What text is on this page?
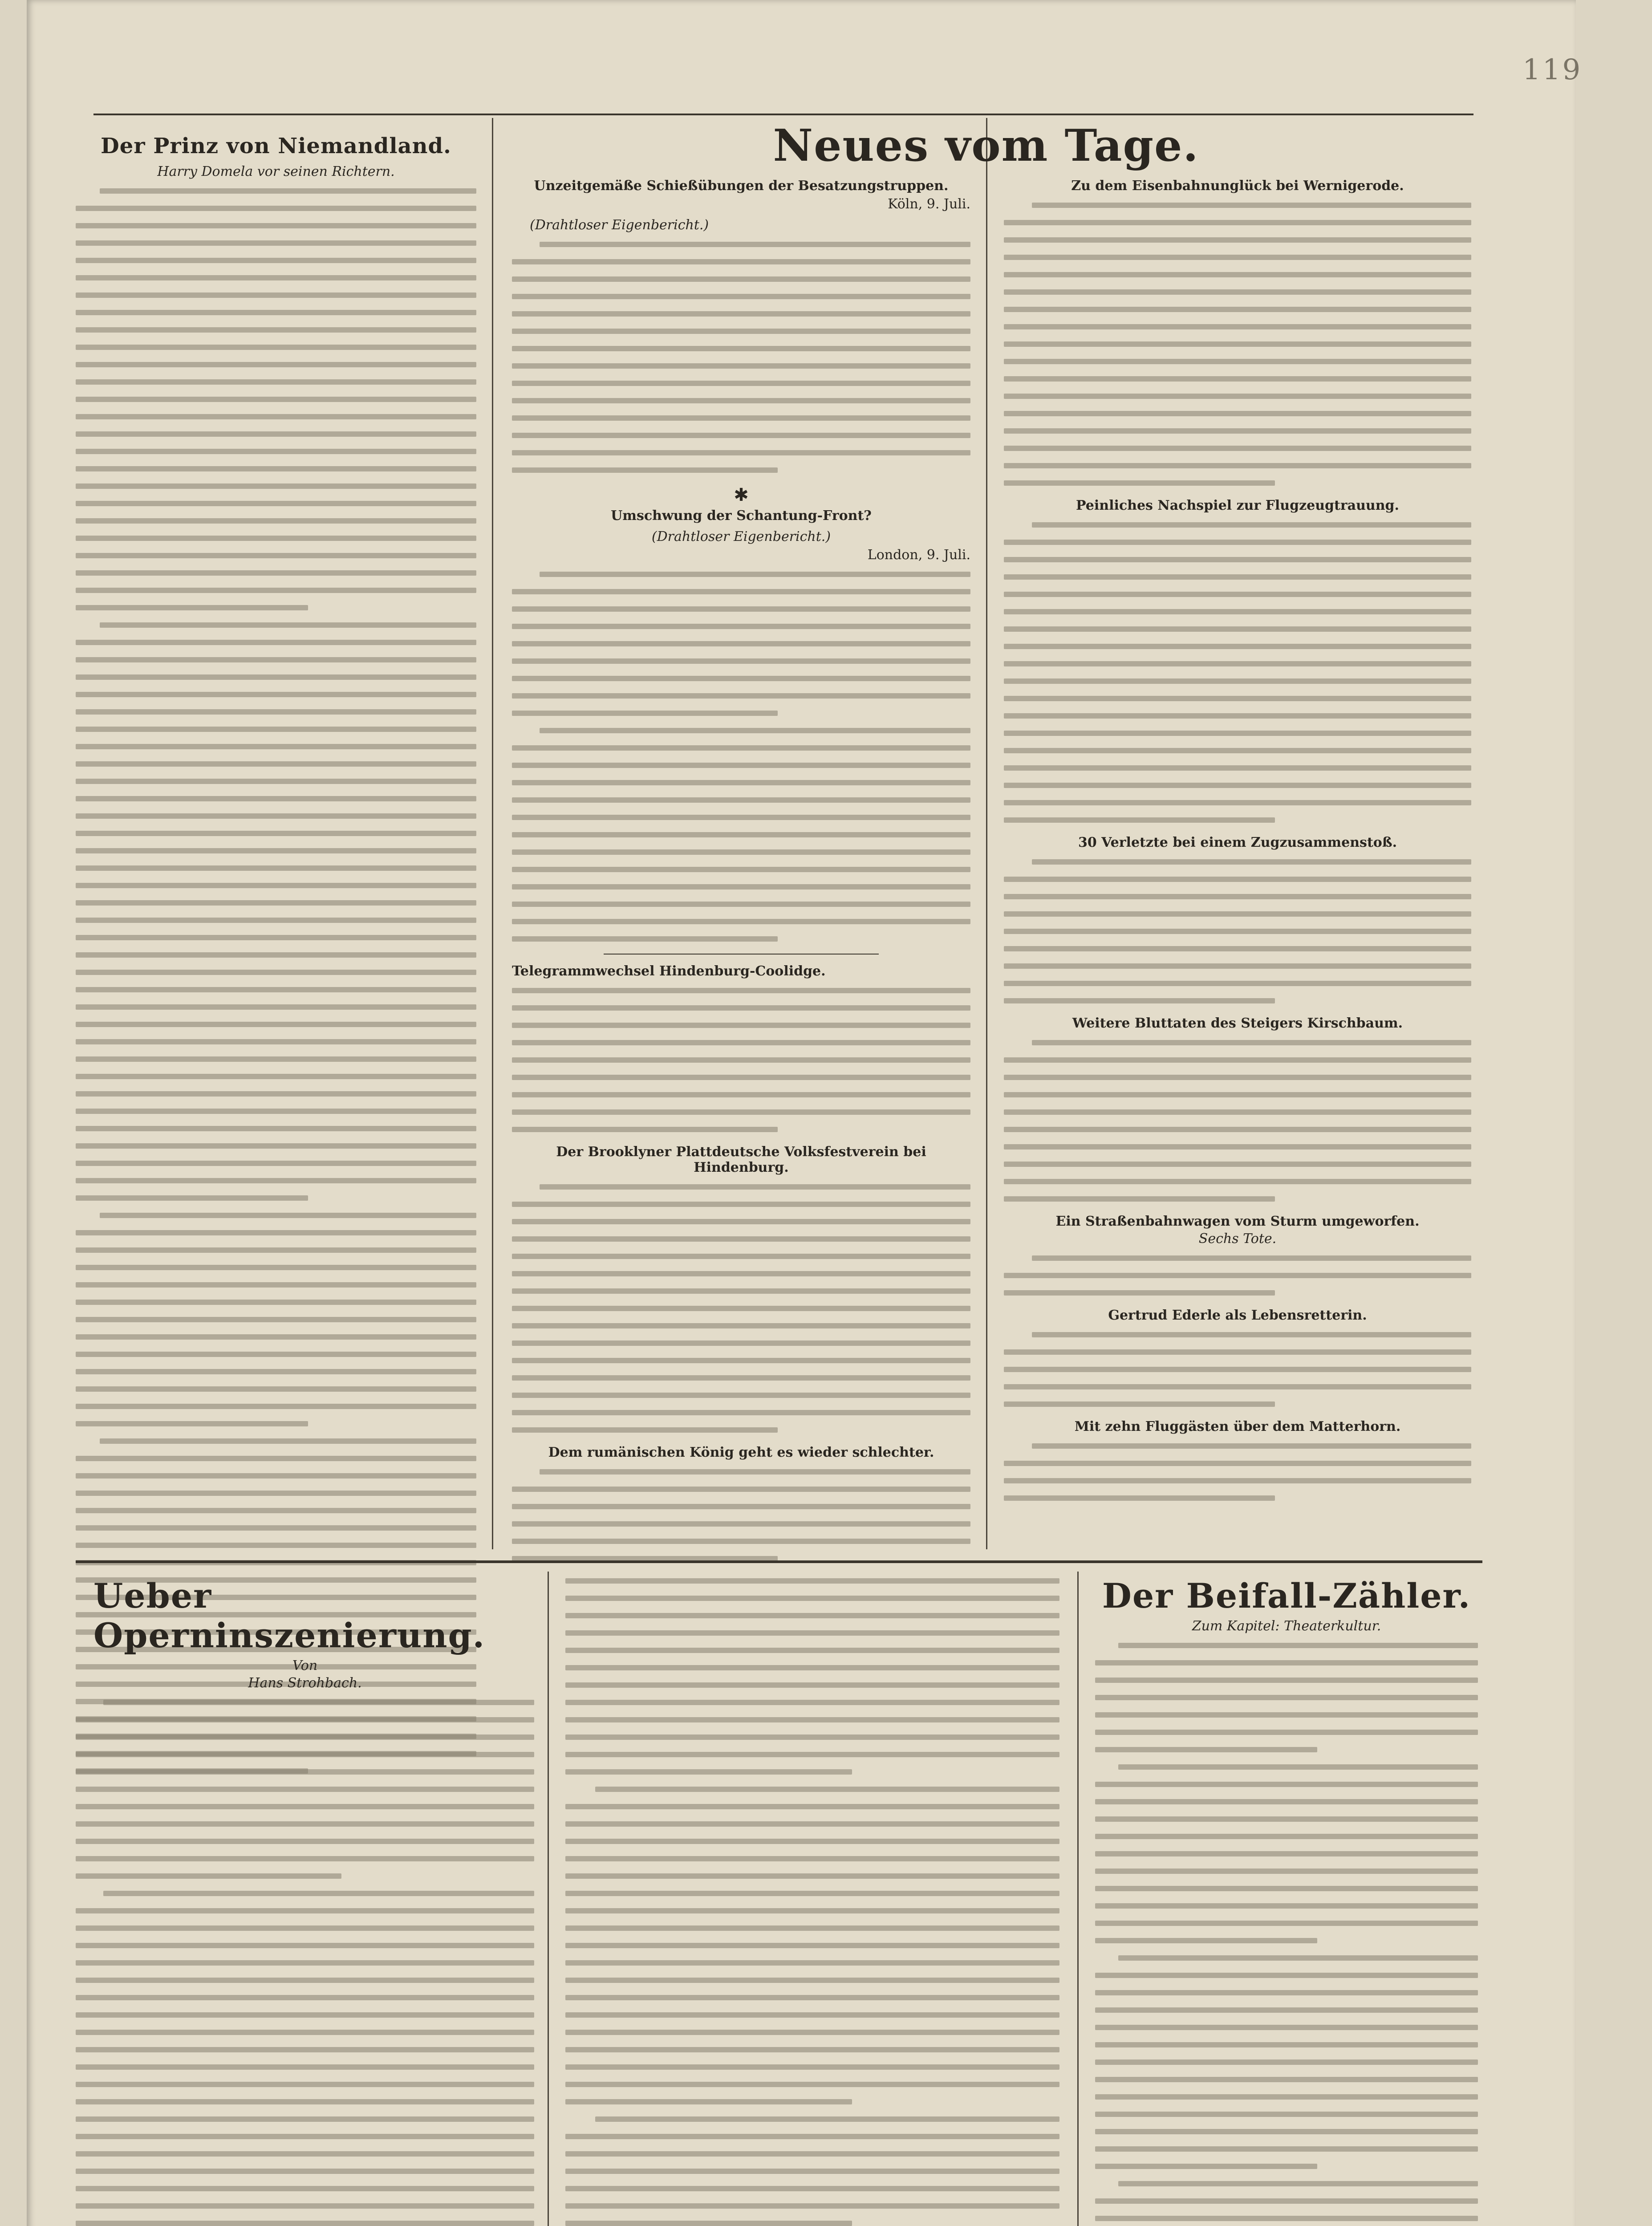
119
Der Prinz von Niemandland.
Harry Domela vor seinen Richtern.
Neues vom Tage.
Unzeitgemäße Schießübungen der Besatzungstruppen.
Köln, 9. Juli.
(Drahtloser Eigenbericht.)
✱
Umschwung der Schantung-Front?
(Drahtloser Eigenbericht.)
London, 9. Juli.
Telegrammwechsel Hindenburg-Coolidge.
Der Brooklyner Plattdeutsche Volksfestverein bei Hindenburg.
Dem rumänischen König geht es wieder schlechter.
Zu dem Eisenbahnunglück bei Wernigerode.
Peinliches Nachspiel zur Flugzeugtrauung.
30 Verletzte bei einem Zugzusammenstoß.
Weitere Bluttaten des Steigers Kirschbaum.
Ein Straßenbahnwagen vom Sturm umgeworfen.
Sechs Tote.
Gertrud Ederle als Lebensretterin.
Mit zehn Fluggästen über dem Matterhorn.
Ueber Operninszenierung.
Von
Hans Strohbach.
Der Beifall-Zähler.
Zum Kapitel: Theaterkultur.
